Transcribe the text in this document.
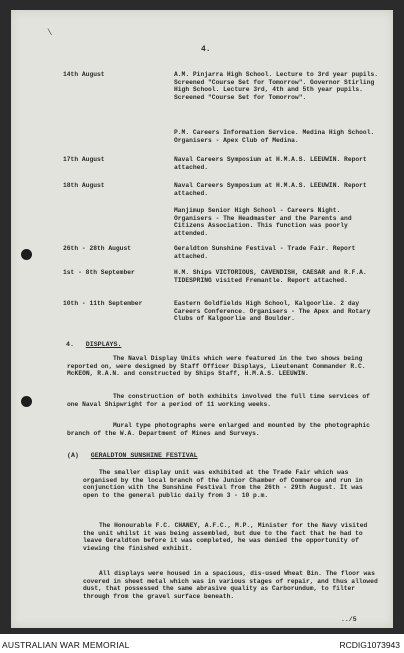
\
4.
14th August	A.M. Pinjarra High School. Lecture to 3rd year pupils. Screened "Course Set for Tomorrow". Governor Stirling High School. Lecture 3rd, 4th and 5th year pupils. Screened "Course Set for Tomorrow".
P.M. Careers Information Service. Medina High School. Organisers - Apex Club of Medina.
17th August	Naval Careers Symposium at H.M.A.S. LEEUWIN. Report attached.
18th August	Naval Careers Symposium at H.M.A.S. LEEUWIN. Report attached.
Manjimup Senior High School - Careers Night. Organisers - The Headmaster and the Parents and Citizens Association. This function was poorly attended.
26th - 28th August	Geraldton Sunshine Festival - Trade Fair. Report attached.
1st - 8th September	H.M. Ships VICTORIOUS, CAVENDISH, CAESAR and R.F.A. TIDESPRING visited Fremantle. Report attached.
10th - 11th September	Eastern Goldfields High School, Kalgoorlie. 2 day Careers Conference. Organisers - The Apex and Rotary Clubs of Kalgoorlie and Boulder.
4. DISPLAYS.
The Naval Display Units which were featured in the two shows being reported on, were designed by Staff Officer Displays, Lieutenant Commander R.C. McKEON, R.A.N. and constructed by Ships Staff, H.M.A.S. LEEUWIN.
The construction of both exhibits involved the full time services of one Naval Shipwright for a period of 11 working weeks.
Mural type photographs were enlarged and mounted by the photographic branch of the W.A. Department of Mines and Surveys.
(A) GERALDTON SUNSHINE FESTIVAL
The smaller display unit was exhibited at the Trade Fair which was organised by the local branch of the Junior Chamber of Commerce and run in conjunction with the Sunshine Festival from the 26th - 29th August. It was open to the general public daily from 3 - 10 p.m.
The Honourable F.C. CHANEY, A.F.C., M.P., Minister for the Navy visited the unit whilst it was being assembled, but due to the fact that he had to leave Geraldton before it was completed, he was denied the opportunity of viewing the finished exhibit.
All displays were housed in a spacious, dis-used Wheat Bin. The floor was covered in sheet metal which was in various stages of repair, and thus allowed dust, that possessed the same abrasive quality as Carborundum, to filter through from the gravel surface beneath.
../5
AUSTRALIAN WAR MEMORIAL	RCDIG1073943
